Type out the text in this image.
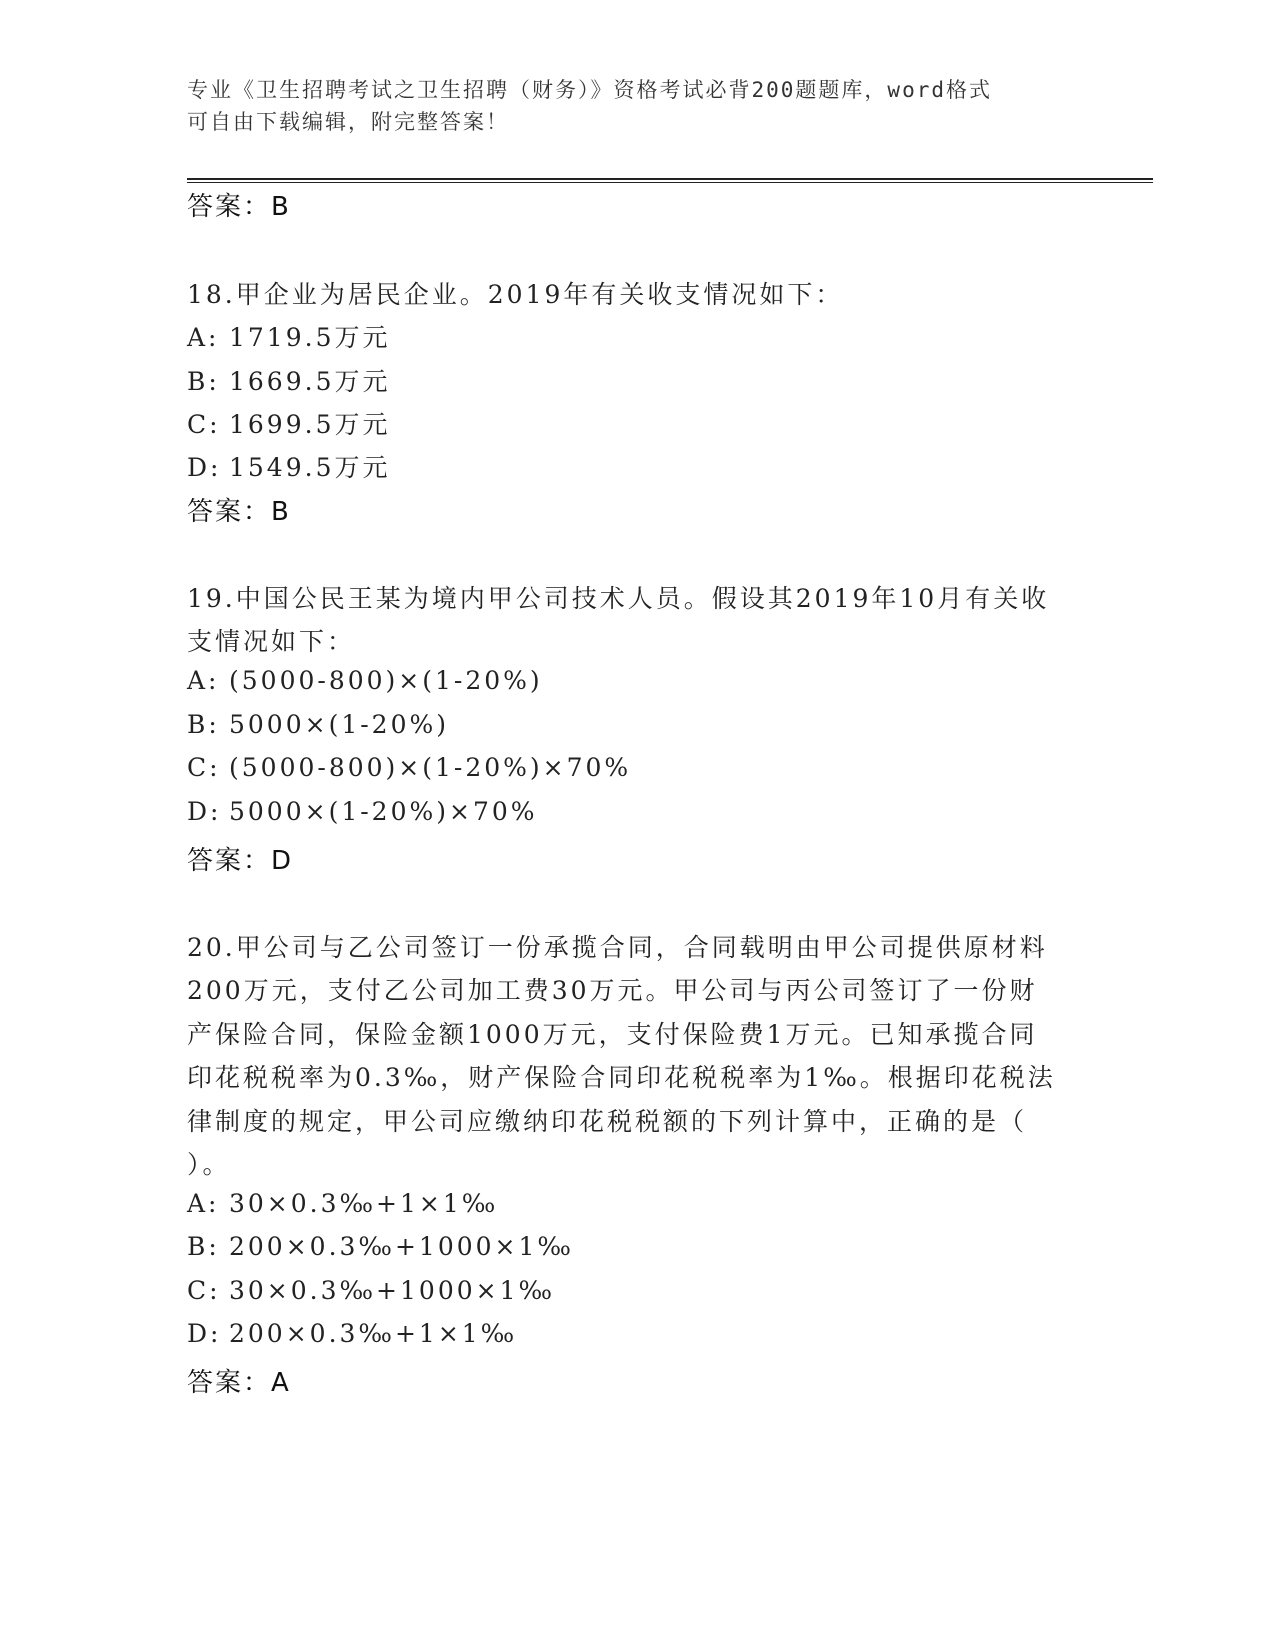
专业《卫生招聘考试之卫生招聘（财务）》资格考试必背200题题库，word格式
可自由下载编辑，附完整答案！
答案：B
18.甲企业为居民企业。2019年有关收支情况如下：
A: 1719.5万元
B: 1669.5万元
C: 1699.5万元
D: 1549.5万元
答案：B
19.中国公民王某为境内甲公司技术人员。假设其2019年10月有关收
支情况如下：
A: (5000-800)×(1-20%)
B: 5000×(1-20%)
C: (5000-800)×(1-20%)×70%
D: 5000×(1-20%)×70%
答案：D
20.甲公司与乙公司签订一份承揽合同，合同载明由甲公司提供原材料
200万元，支付乙公司加工费30万元。甲公司与丙公司签订了一份财
产保险合同，保险金额1000万元，支付保险费1万元。已知承揽合同
印花税税率为0.3‰，财产保险合同印花税税率为1‰。根据印花税法
律制度的规定，甲公司应缴纳印花税税额的下列计算中，正确的是（
）。
A: 30×0.3‰+1×1‰
B: 200×0.3‰+1000×1‰
C: 30×0.3‰+1000×1‰
D: 200×0.3‰+1×1‰
答案：A
